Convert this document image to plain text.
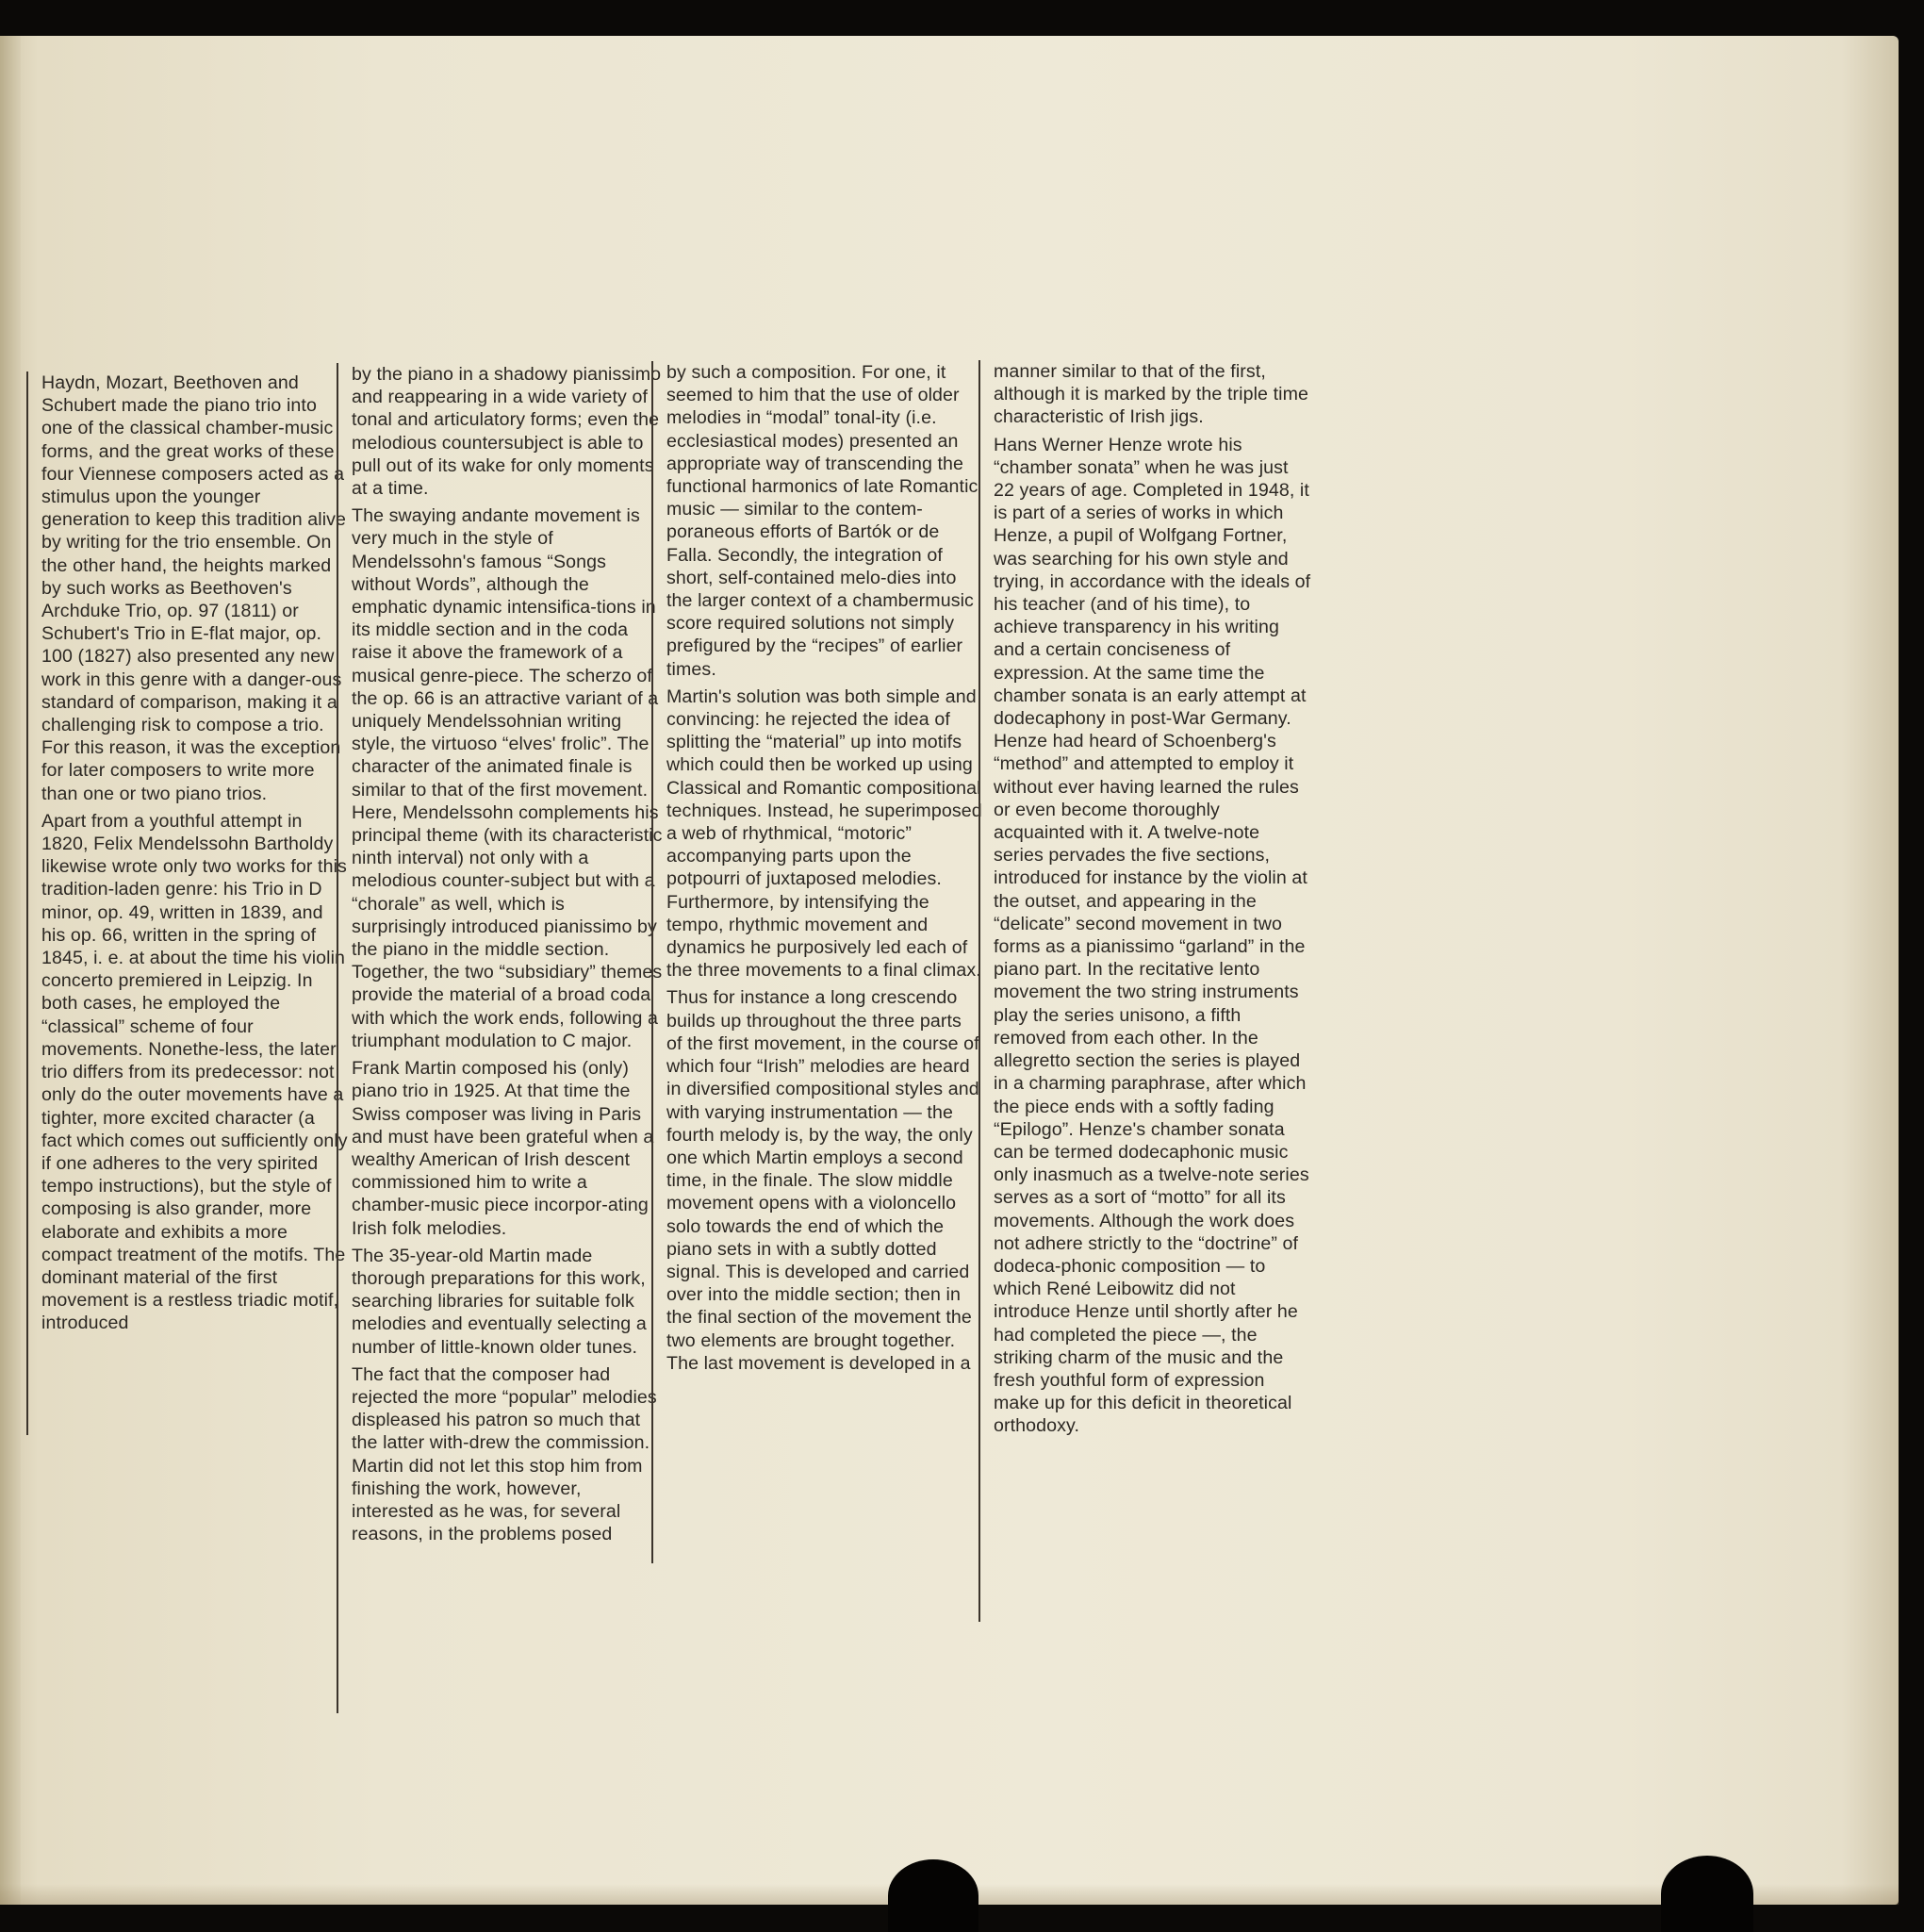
Haydn, Mozart, Beethoven and Schubert made the piano trio into one of the classical chamber-music forms, and the great works of these four Viennese composers acted as a stimulus upon the younger generation to keep this tradition alive by writing for the trio ensemble. On the other hand, the heights marked by such works as Beethoven's Archduke Trio, op. 97 (1811) or Schubert's Trio in E-flat major, op. 100 (1827) also presented any new work in this genre with a danger-ous standard of comparison, making it a challenging risk to compose a trio. For this reason, it was the exception for later composers to write more than one or two piano trios.

Apart from a youthful attempt in 1820, Felix Mendelssohn Bartholdy likewise wrote only two works for this tradition-laden genre: his Trio in D minor, op. 49, written in 1839, and his op. 66, written in the spring of 1845, i. e. at about the time his violin concerto premiered in Leipzig. In both cases, he employed the “classical” scheme of four movements. Nonethe-less, the later trio differs from its predecessor: not only do the outer movements have a tighter, more excited character (a fact which comes out sufficiently only if one adheres to the very spirited tempo instructions), but the style of composing is also grander, more elaborate and exhibits a more compact treatment of the motifs. The dominant material of the first movement is a restless triadic motif, introduced

by the piano in a shadowy pianissimo and reappearing in a wide variety of tonal and articulatory forms; even the melodious countersubject is able to pull out of its wake for only moments at a time.

The swaying andante movement is very much in the style of Mendelssohn's famous “Songs without Words”, although the emphatic dynamic intensifica-tions in its middle section and in the coda raise it above the framework of a musical genre-piece. The scherzo of the op. 66 is an attractive variant of a uniquely Mendelssohnian writing style, the virtuoso “elves' frolic”. The character of the animated finale is similar to that of the first movement. Here, Mendelssohn complements his principal theme (with its characteristic ninth interval) not only with a melodious counter-subject but with a “chorale” as well, which is surprisingly introduced pianissimo by the piano in the middle section. Together, the two “subsidiary” themes provide the material of a broad coda with which the work ends, following a triumphant modulation to C major.

Frank Martin composed his (only) piano trio in 1925. At that time the Swiss composer was living in Paris and must have been grateful when a wealthy American of Irish descent commissioned him to write a chamber-music piece incorpor-ating Irish folk melodies.

The 35-year-old Martin made thorough preparations for this work, searching libraries for suitable folk melodies and eventually selecting a number of little-known older tunes.

The fact that the composer had rejected the more “popular” melodies displeased his patron so much that the latter with-drew the commission. Martin did not let this stop him from finishing the work, however, interested as he was, for several reasons, in the problems posed

by such a composition. For one, it seemed to him that the use of older melodies in “modal” tonal-ity (i.e. ecclesiastical modes) presented an appropriate way of transcending the functional harmonics of late Romantic music — similar to the contem-poraneous efforts of Bartók or de Falla. Secondly, the integration of short, self-contained melo-dies into the larger context of a chambermusic score required solutions not simply prefigured by the “recipes” of earlier times.

Martin's solution was both simple and convincing: he rejected the idea of splitting the “material” up into motifs which could then be worked up using Classical and Romantic compositional techniques. Instead, he superimposed a web of rhythmical, “motoric” accompanying parts upon the potpourri of juxtaposed melodies. Furthermore, by intensifying the tempo, rhythmic movement and dynamics he purposively led each of the three movements to a final climax.

Thus for instance a long crescendo builds up throughout the three parts of the first movement, in the course of which four “Irish” melodies are heard in diversified compositional styles and with varying instrumentation — the fourth melody is, by the way, the only one which Martin employs a second time, in the finale. The slow middle movement opens with a violoncello solo towards the end of which the piano sets in with a subtly dotted signal. This is developed and carried over into the middle section; then in the final section of the movement the two elements are brought together. The last movement is developed in a

manner similar to that of the first, although it is marked by the triple time characteristic of Irish jigs.

Hans Werner Henze wrote his “chamber sonata” when he was just 22 years of age. Completed in 1948, it is part of a series of works in which Henze, a pupil of Wolfgang Fortner, was searching for his own style and trying, in accordance with the ideals of his teacher (and of his time), to achieve transparency in his writing and a certain conciseness of expression. At the same time the chamber sonata is an early attempt at dodecaphony in post-War Germany. Henze had heard of Schoenberg's “method” and attempted to employ it without ever having learned the rules or even become thoroughly acquainted with it. A twelve-note series pervades the five sections, introduced for instance by the violin at the outset, and appearing in the “delicate” second movement in two forms as a pianissimo “garland” in the piano part. In the recitative lento movement the two string instruments play the series unisono, a fifth removed from each other. In the allegretto section the series is played in a charming paraphrase, after which the piece ends with a softly fading “Epilogo”. Henze's chamber sonata can be termed dodecaphonic music only inasmuch as a twelve-note series serves as a sort of “motto” for all its movements. Although the work does not adhere strictly to the “doctrine” of dodeca-phonic composition — to which René Leibowitz did not introduce Henze until shortly after he had completed the piece —, the striking charm of the music and the fresh youthful form of expression make up for this deficit in theoretical orthodoxy.
